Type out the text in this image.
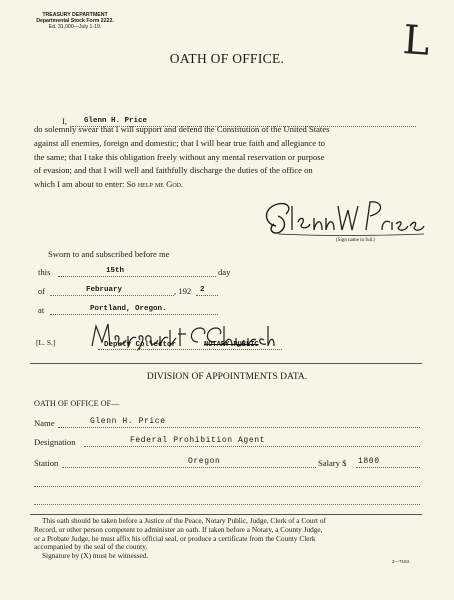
TREASURY DEPARTMENT
Departmental Stock Form 2222.
Ed. 31,000—July 1-19.	L
OATH OF OFFICE.
I, Glenn H. Price
do solemnly swear that I will support and defend the Constitution of the United States
against all enemies, foreign and domestic; that I will bear true faith and allegiance to
the same; that I take this obligation freely without any mental reservation or purpose
of evasion; and that I will well and faithfully discharge the duties of the office on
which I am about to enter: So help me God.
Glenn H Price
(Sign name in full.)
Sworn to and subscribed before me
this	15th	day
of	February	, 192 2
at	Portland, Oregon.
[L. S.]
Margaretta C Church
Deputy Collector	NOTARY PUBLIC
DIVISION OF APPOINTMENTS DATA.
OATH OF OFFICE OF—
Name	Glenn H. Price
Designation	Federal Prohibition Agent
Station	Oregon	Salary $ 1800
This oath should be taken before a Justice of the Peace, Notary Public, Judge, Clerk of a Court of
Record, or other person competent to administer an oath. If taken before a Notary, a County Judge,
or a Probate Judge, he must affix his official seal, or produce a certificate from the County Clerk
accompanied by the seal of the county.
Signature by (X) must be witnessed.
2—7163
